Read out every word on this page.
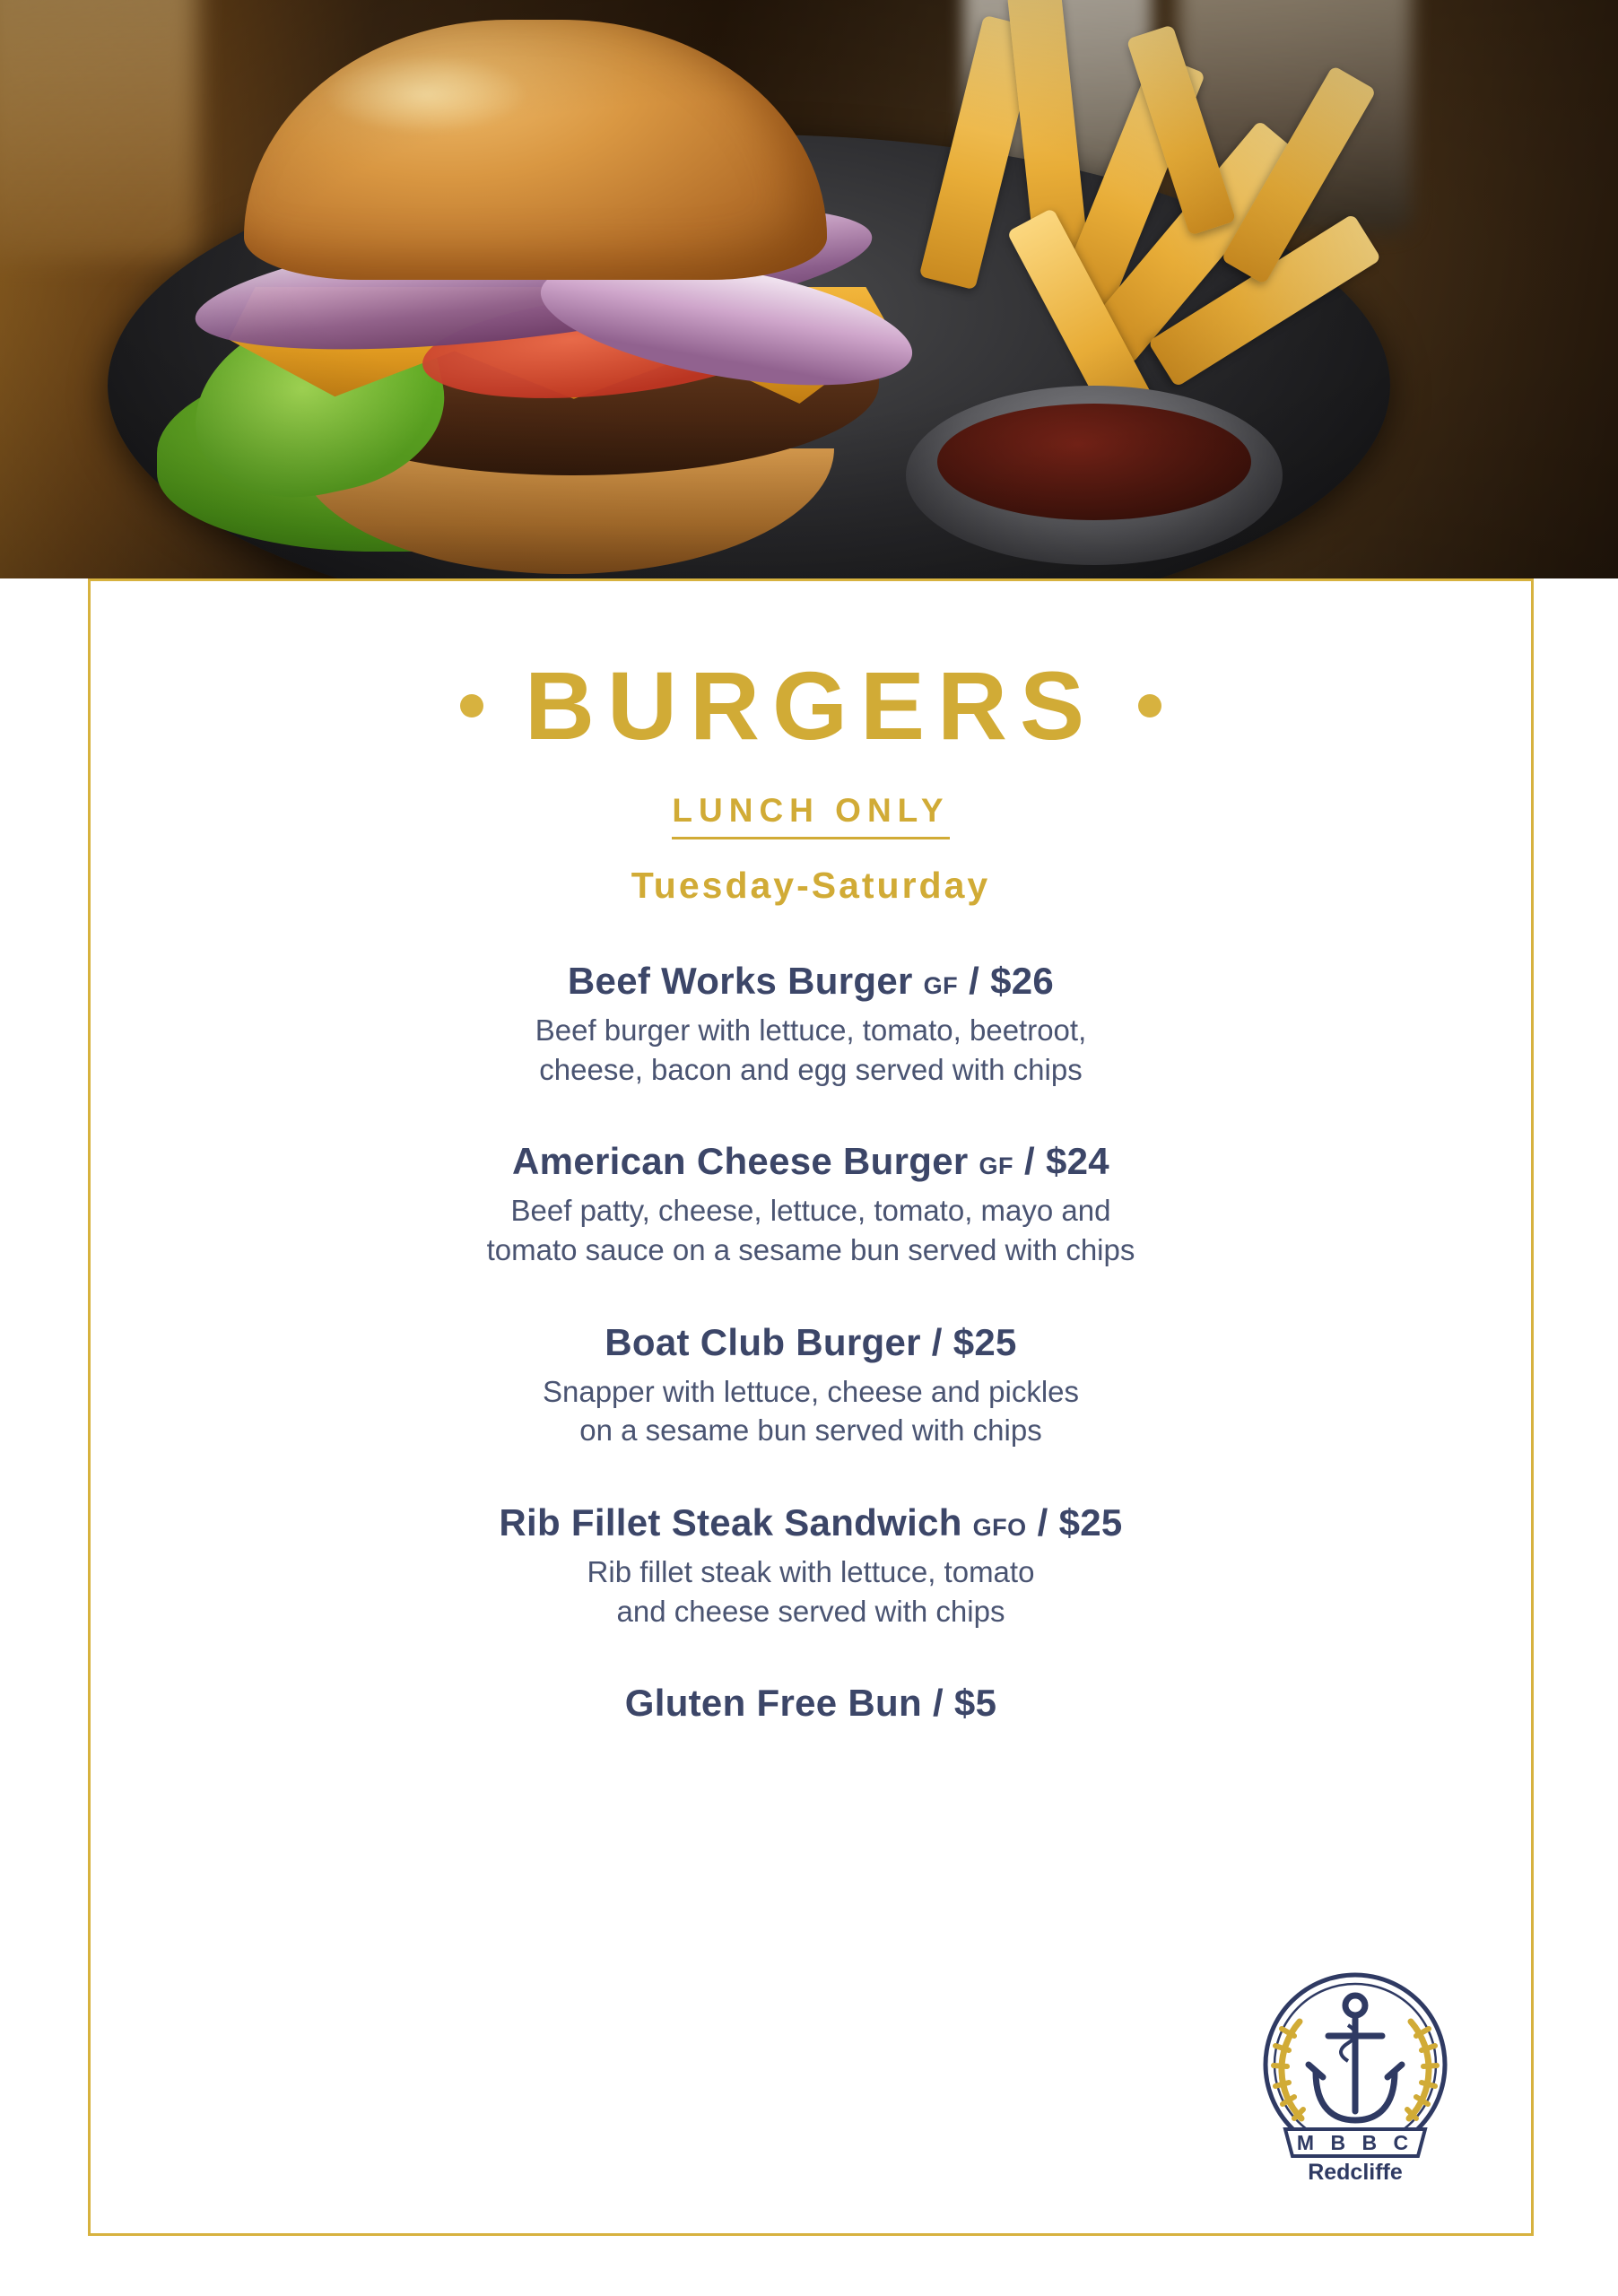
BURGERS
LUNCH ONLY
Tuesday-Saturday
Beef Works Burger GF / $26
Beef burger with lettuce, tomato, beetroot,
cheese, bacon and egg served with chips
American Cheese Burger GF / $24
Beef patty, cheese, lettuce, tomato, mayo and
tomato sauce on a sesame bun served with chips
Boat Club Burger / $25
Snapper with lettuce, cheese and pickles
on a sesame bun served with chips
Rib Fillet Steak Sandwich GFO / $25
Rib fillet steak with lettuce, tomato
and cheese served with chips
Gluten Free Bun / $5
M B B C
Redcliffe
